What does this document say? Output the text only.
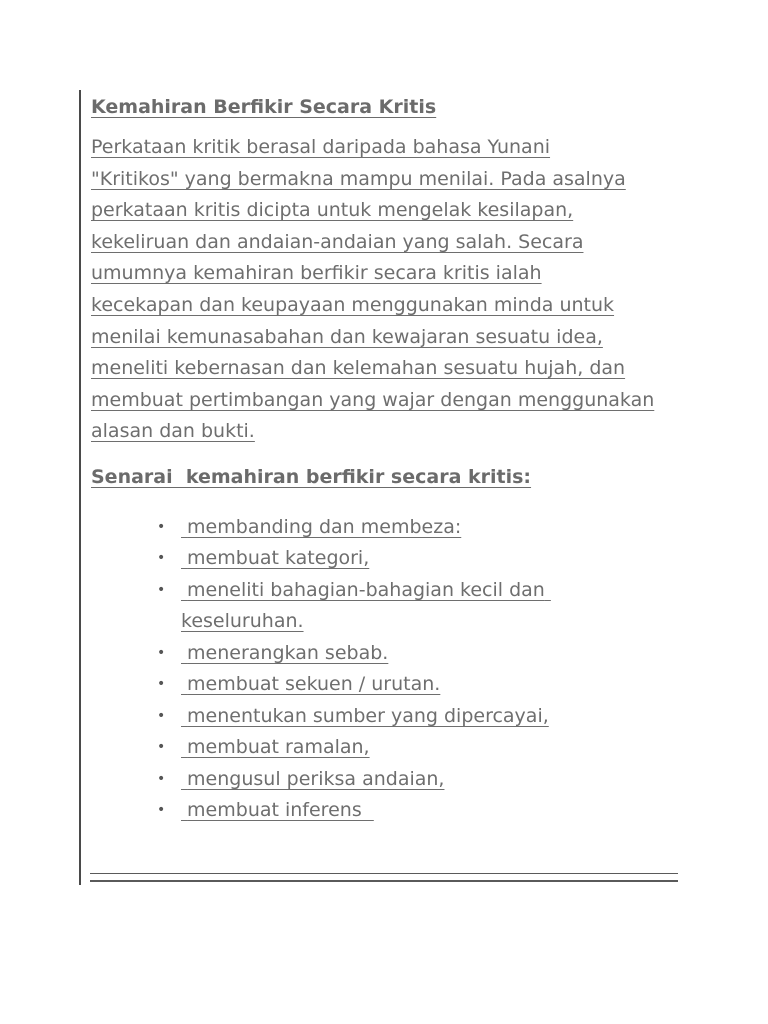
Kemahiran Berfikir Secara Kritis

Perkataan kritik berasal daripada bahasa Yunani
"Kritikos" yang bermakna mampu menilai. Pada asalnya
perkataan kritis dicipta untuk mengelak kesilapan,
kekeliruan dan andaian-andaian yang salah. Secara
umumnya kemahiran berfikir secara kritis ialah
kecekapan dan keupayaan menggunakan minda untuk
menilai kemunasabahan dan kewajaran sesuatu idea,
meneliti kebernasan dan kelemahan sesuatu hujah, dan
membuat pertimbangan yang wajar dengan menggunakan
alasan dan bukti.

Senarai  kemahiran berfikir secara kritis:
• membanding dan membeza:
• membuat kategori,
• meneliti bahagian-bahagian kecil dan keseluruhan.
• menerangkan sebab.
• membuat sekuen / urutan.
• menentukan sumber yang dipercayai,
• membuat ramalan,
• mengusul periksa andaian,
• membuat inferens
